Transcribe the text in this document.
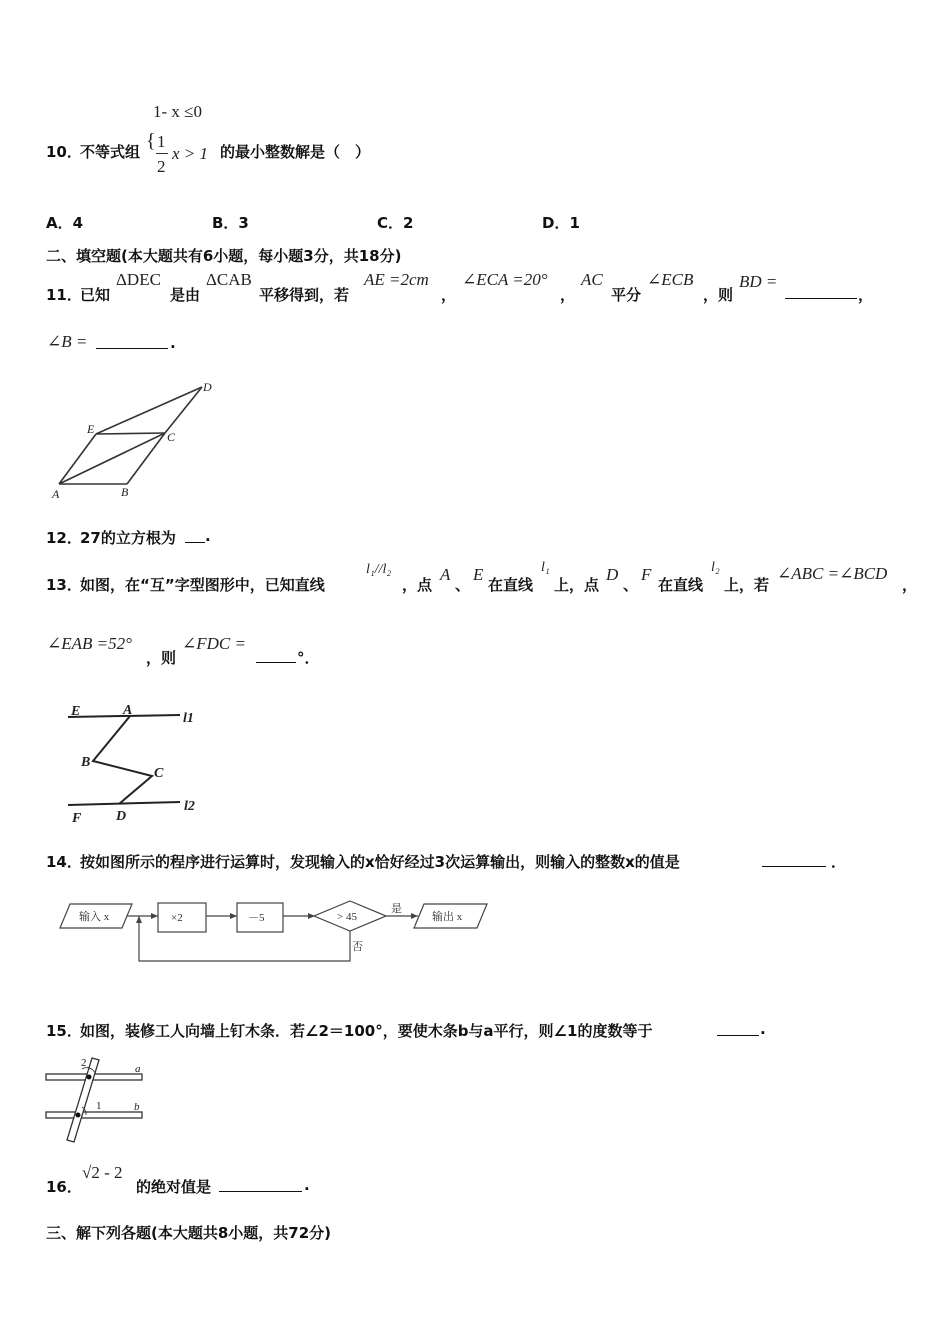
1- x ≤0
{ 1
2
x > 1
10．
不等式组	的最小整数解是（　）
A．4	B．3	C．2	D．1
二、填空题(本大题共有6小题，每小题3分，共18分)
11．
已知
ΔDEC
是由
ΔCAB
平移得到，若
AE =2cm
，
∠ECA =20°
，
AC
平分
∠ECB
，则
BD =
，
∠B =	.
A	B
C
D
E
12．
27的立方根为 .
13．
如图，在“互”字型图形中，已知直线
l₁//l₂
，点
A
、
E
在直线
l₁
上，点
D
、
F
在直线
l₂
上，若
∠ABC =∠BCD
，
∠EAB =52°
，则
∠FDC =
°．
E	A
l1
B
C
F D
l2
14．
按如图所示的程序进行运算时，发现输入的x恰好经过3次运算输出，则输入的整数x的值是	．
输入 x	×2	－5	> 45
是
输出 x
否
15．
如图，装修工人向墙上钉木条．若∠2＝100°，要使木条b与a平行，则∠1的度数等于	.
2	a
1	b
16．
√2 - 2
的绝对值是	.
三、解下列各题(本大题共8小题，共72分)
